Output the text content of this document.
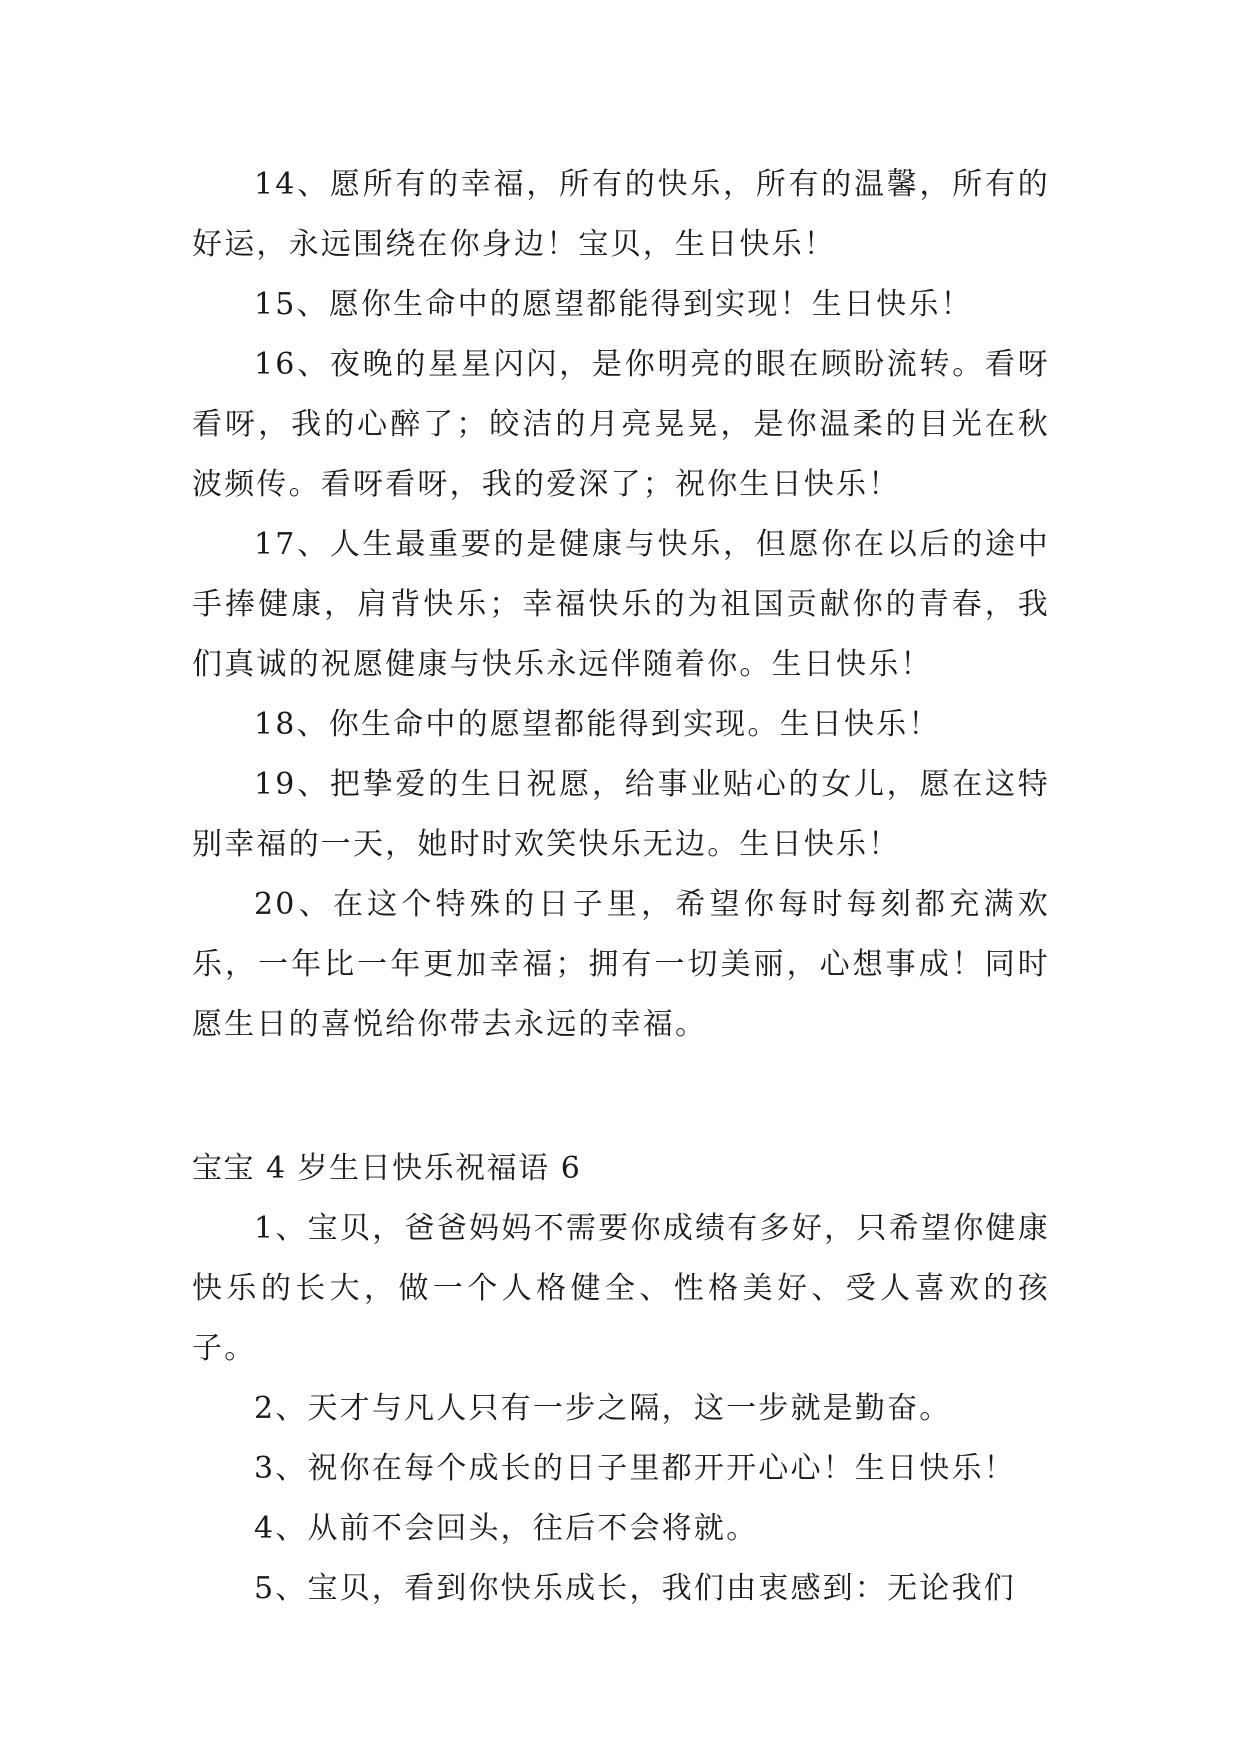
14、愿所有的幸福，所有的快乐，所有的温馨，所有的好运，永远围绕在你身边！宝贝，生日快乐！

15、愿你生命中的愿望都能得到实现！生日快乐！

16、夜晚的星星闪闪，是你明亮的眼在顾盼流转。看呀看呀，我的心醉了；皎洁的月亮晃晃，是你温柔的目光在秋波频传。看呀看呀，我的爱深了；祝你生日快乐！

17、人生最重要的是健康与快乐，但愿你在以后的途中手捧健康，肩背快乐；幸福快乐的为祖国贡献你的青春，我们真诚的祝愿健康与快乐永远伴随着你。生日快乐！

18、你生命中的愿望都能得到实现。生日快乐！

19、把挚爱的生日祝愿，给事业贴心的女儿，愿在这特别幸福的一天，她时时欢笑快乐无边。生日快乐！

20、在这个特殊的日子里，希望你每时每刻都充满欢乐，一年比一年更加幸福；拥有一切美丽，心想事成！同时愿生日的喜悦给你带去永远的幸福。

宝宝 4 岁生日快乐祝福语 6

1、宝贝，爸爸妈妈不需要你成绩有多好，只希望你健康快乐的长大，做一个人格健全、性格美好、受人喜欢的孩子。

2、天才与凡人只有一步之隔，这一步就是勤奋。

3、祝你在每个成长的日子里都开开心心！生日快乐！

4、从前不会回头，往后不会将就。

5、宝贝，看到你快乐成长，我们由衷感到：无论我们
